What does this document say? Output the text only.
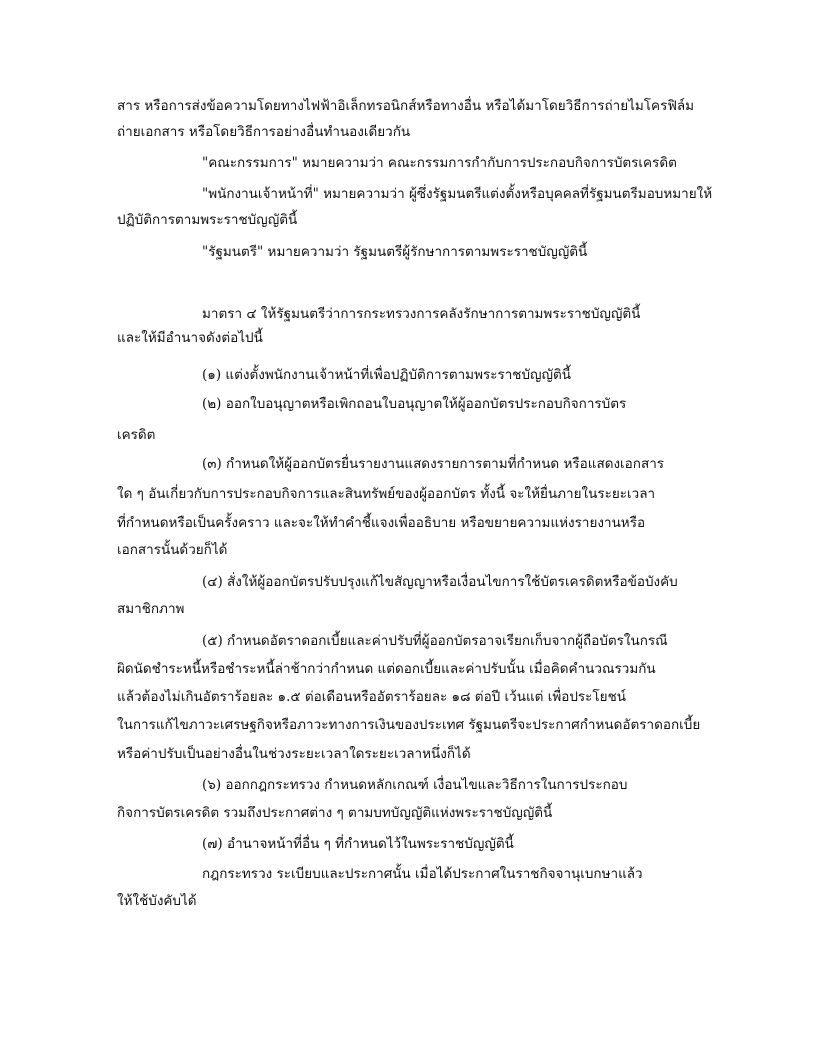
สาร หรือการส่งข้อความโดยทางไฟฟ้าอิเล็กทรอนิกส์หรือทางอื่น หรือได้มาโดยวิธีการถ่ายไมโครฟิล์ม
ถ่ายเอกสาร หรือโดยวิธีการอย่างอื่นทำนองเดียวกัน
"คณะกรรมการ" หมายความว่า คณะกรรมการกำกับการประกอบกิจการบัตรเครดิต
"พนักงานเจ้าหน้าที่" หมายความว่า ผู้ซึ่งรัฐมนตรีแต่งตั้งหรือบุคคลที่รัฐมนตรีมอบหมายให้
ปฏิบัติการตามพระราชบัญญัตินี้
"รัฐมนตรี" หมายความว่า รัฐมนตรีผู้รักษาการตามพระราชบัญญัตินี้
มาตรา ๔ ให้รัฐมนตรีว่าการกระทรวงการคลังรักษาการตามพระราชบัญญัตินี้
และให้มีอำนาจดังต่อไปนี้
(๑) แต่งตั้งพนักงานเจ้าหน้าที่เพื่อปฏิบัติการตามพระราชบัญญัตินี้
(๒) ออกใบอนุญาตหรือเพิกถอนใบอนุญาตให้ผู้ออกบัตรประกอบกิจการบัตร
เครดิต
(๓) กำหนดให้ผู้ออกบัตรยื่นรายงานแสดงรายการตามที่กำหนด หรือแสดงเอกสาร
ใด ๆ อันเกี่ยวกับการประกอบกิจการและสินทรัพย์ของผู้ออกบัตร ทั้งนี้ จะให้ยื่นภายในระยะเวลา
ที่กำหนดหรือเป็นครั้งคราว และจะให้ทำคำชี้แจงเพื่ออธิบาย หรือขยายความแห่งรายงานหรือ
เอกสารนั้นด้วยก็ได้
(๔) สั่งให้ผู้ออกบัตรปรับปรุงแก้ไขสัญญาหรือเงื่อนไขการใช้บัตรเครดิตหรือข้อบังคับ
สมาชิกภาพ
(๕) กำหนดอัตราดอกเบี้ยและค่าปรับที่ผู้ออกบัตรอาจเรียกเก็บจากผู้ถือบัตรในกรณี
ผิดนัดชำระหนี้หรือชำระหนี้ล่าช้ากว่ากำหนด แต่ดอกเบี้ยและค่าปรับนั้น เมื่อคิดคำนวณรวมกัน
แล้วต้องไม่เกินอัตราร้อยละ ๑.๕ ต่อเดือนหรืออัตราร้อยละ ๑๘ ต่อปี เว้นแต่ เพื่อประโยชน์
ในการแก้ไขภาวะเศรษฐกิจหรือภาวะทางการเงินของประเทศ รัฐมนตรีจะประกาศกำหนดอัตราดอกเบี้ย
หรือค่าปรับเป็นอย่างอื่นในช่วงระยะเวลาใดระยะเวลาหนึ่งก็ได้
(๖) ออกกฎกระทรวง กำหนดหลักเกณฑ์ เงื่อนไขและวิธีการในการประกอบ
กิจการบัตรเครดิต รวมถึงประกาศต่าง ๆ ตามบทบัญญัติแห่งพระราชบัญญัตินี้
(๗) อำนาจหน้าที่อื่น ๆ ที่กำหนดไว้ในพระราชบัญญัตินี้
กฎกระทรวง ระเบียบและประกาศนั้น เมื่อได้ประกาศในราชกิจจานุเบกษาแล้ว
ให้ใช้บังคับได้
